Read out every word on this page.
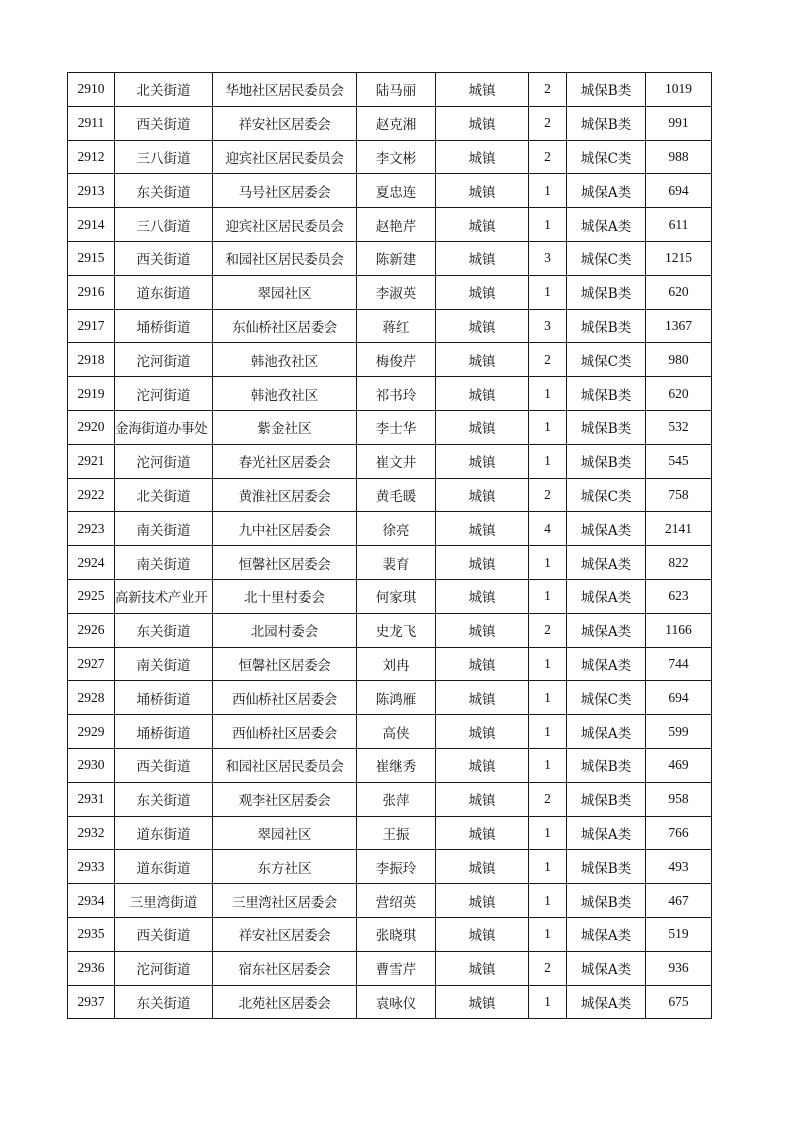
2910	北关街道	华地社区居民委员会	陆马丽	城镇	2	城保B类	1019
2911	西关街道	祥安社区居委会	赵克湘	城镇	2	城保B类	991
2912	三八街道	迎宾社区居民委员会	李文彬	城镇	2	城保C类	988
2913	东关街道	马号社区居委会	夏忠连	城镇	1	城保A类	694
2914	三八街道	迎宾社区居民委员会	赵艳芹	城镇	1	城保A类	611
2915	西关街道	和园社区居民委员会	陈新建	城镇	3	城保C类	1215
2916	道东街道	翠园社区	李淑英	城镇	1	城保B类	620
2917	埇桥街道	东仙桥社区居委会	蒋红	城镇	3	城保B类	1367
2918	沱河街道	韩池孜社区	梅俊芹	城镇	2	城保C类	980
2919	沱河街道	韩池孜社区	祁书玲	城镇	1	城保B类	620
2920	金海街道办事处	紫金社区	李士华	城镇	1	城保B类	532
2921	沱河街道	春光社区居委会	崔文井	城镇	1	城保B类	545
2922	北关街道	黄淮社区居委会	黄毛暖	城镇	2	城保C类	758
2923	南关街道	九中社区居委会	徐亮	城镇	4	城保A类	2141
2924	南关街道	恒馨社区居委会	裴育	城镇	1	城保A类	822
2925	高新技术产业开	北十里村委会	何家琪	城镇	1	城保A类	623
2926	东关街道	北园村委会	史龙飞	城镇	2	城保A类	1166
2927	南关街道	恒馨社区居委会	刘冉	城镇	1	城保A类	744
2928	埇桥街道	西仙桥社区居委会	陈鸿雁	城镇	1	城保C类	694
2929	埇桥街道	西仙桥社区居委会	高侠	城镇	1	城保A类	599
2930	西关街道	和园社区居民委员会	崔继秀	城镇	1	城保B类	469
2931	东关街道	观李社区居委会	张萍	城镇	2	城保B类	958
2932	道东街道	翠园社区	王振	城镇	1	城保A类	766
2933	道东街道	东方社区	李振玲	城镇	1	城保B类	493
2934	三里湾街道	三里湾社区居委会	营绍英	城镇	1	城保B类	467
2935	西关街道	祥安社区居委会	张晓琪	城镇	1	城保A类	519
2936	沱河街道	宿东社区居委会	曹雪芹	城镇	2	城保A类	936
2937	东关街道	北苑社区居委会	袁咏仪	城镇	1	城保A类	675
